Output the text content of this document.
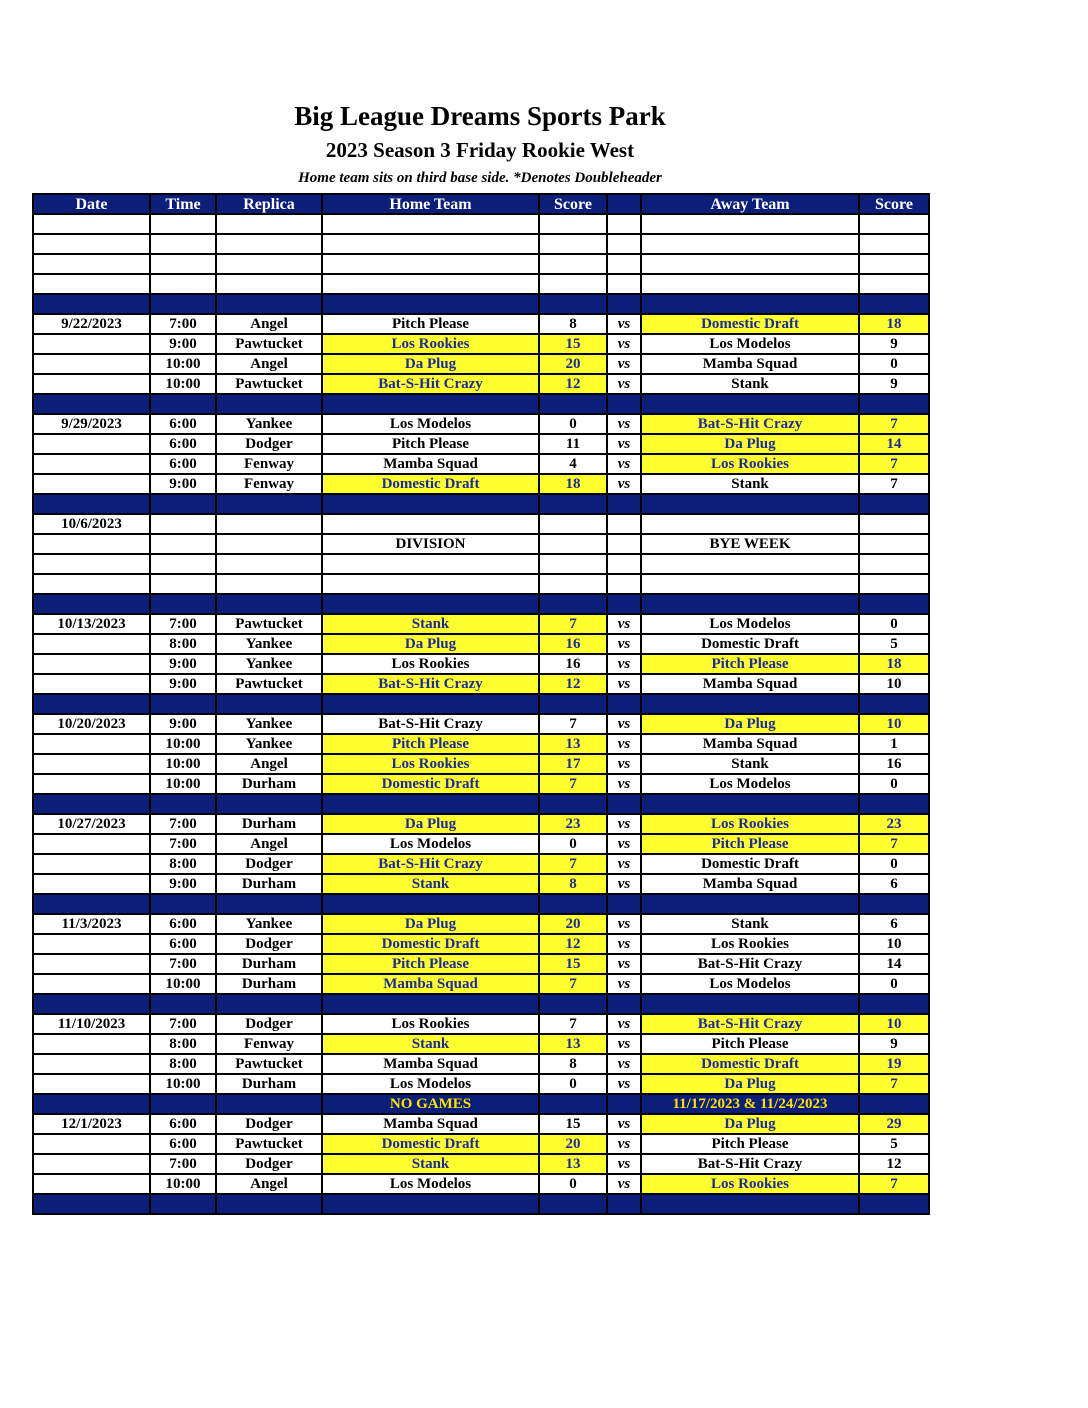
Big League Dreams Sports Park
2023 Season 3 Friday Rookie West
Home team sits on third base side. *Denotes Doubleheader
Date	Time	Replica	Home Team	Score		Away Team	Score

9/22/2023	7:00	Angel	Pitch Please	8	vs	Domestic Draft	18
	9:00	Pawtucket	Los Rookies	15	vs	Los Modelos	9
	10:00	Angel	Da Plug	20	vs	Mamba Squad	0
	10:00	Pawtucket	Bat-S-Hit Crazy	12	vs	Stank	9

9/29/2023	6:00	Yankee	Los Modelos	0	vs	Bat-S-Hit Crazy	7
	6:00	Dodger	Pitch Please	11	vs	Da Plug	14
	6:00	Fenway	Mamba Squad	4	vs	Los Rookies	7
	9:00	Fenway	Domestic Draft	18	vs	Stank	7

10/6/2023							
			DIVISION			BYE WEEK	

10/13/2023	7:00	Pawtucket	Stank	7	vs	Los Modelos	0
	8:00	Yankee	Da Plug	16	vs	Domestic Draft	5
	9:00	Yankee	Los Rookies	16	vs	Pitch Please	18
	9:00	Pawtucket	Bat-S-Hit Crazy	12	vs	Mamba Squad	10

10/20/2023	9:00	Yankee	Bat-S-Hit Crazy	7	vs	Da Plug	10
	10:00	Yankee	Pitch Please	13	vs	Mamba Squad	1
	10:00	Angel	Los Rookies	17	vs	Stank	16
	10:00	Durham	Domestic Draft	7	vs	Los Modelos	0

10/27/2023	7:00	Durham	Da Plug	23	vs	Los Rookies	23
	7:00	Angel	Los Modelos	0	vs	Pitch Please	7
	8:00	Dodger	Bat-S-Hit Crazy	7	vs	Domestic Draft	0
	9:00	Durham	Stank	8	vs	Mamba Squad	6

11/3/2023	6:00	Yankee	Da Plug	20	vs	Stank	6
	6:00	Dodger	Domestic Draft	12	vs	Los Rookies	10
	7:00	Durham	Pitch Please	15	vs	Bat-S-Hit Crazy	14
	10:00	Durham	Mamba Squad	7	vs	Los Modelos	0

11/10/2023	7:00	Dodger	Los Rookies	7	vs	Bat-S-Hit Crazy	10
	8:00	Fenway	Stank	13	vs	Pitch Please	9
	8:00	Pawtucket	Mamba Squad	8	vs	Domestic Draft	19
	10:00	Durham	Los Modelos	0	vs	Da Plug	7
			NO GAMES			11/17/2023 & 11/24/2023	
12/1/2023	6:00	Dodger	Mamba Squad	15	vs	Da Plug	29
	6:00	Pawtucket	Domestic Draft	20	vs	Pitch Please	5
	7:00	Dodger	Stank	13	vs	Bat-S-Hit Crazy	12
	10:00	Angel	Los Modelos	0	vs	Los Rookies	7
